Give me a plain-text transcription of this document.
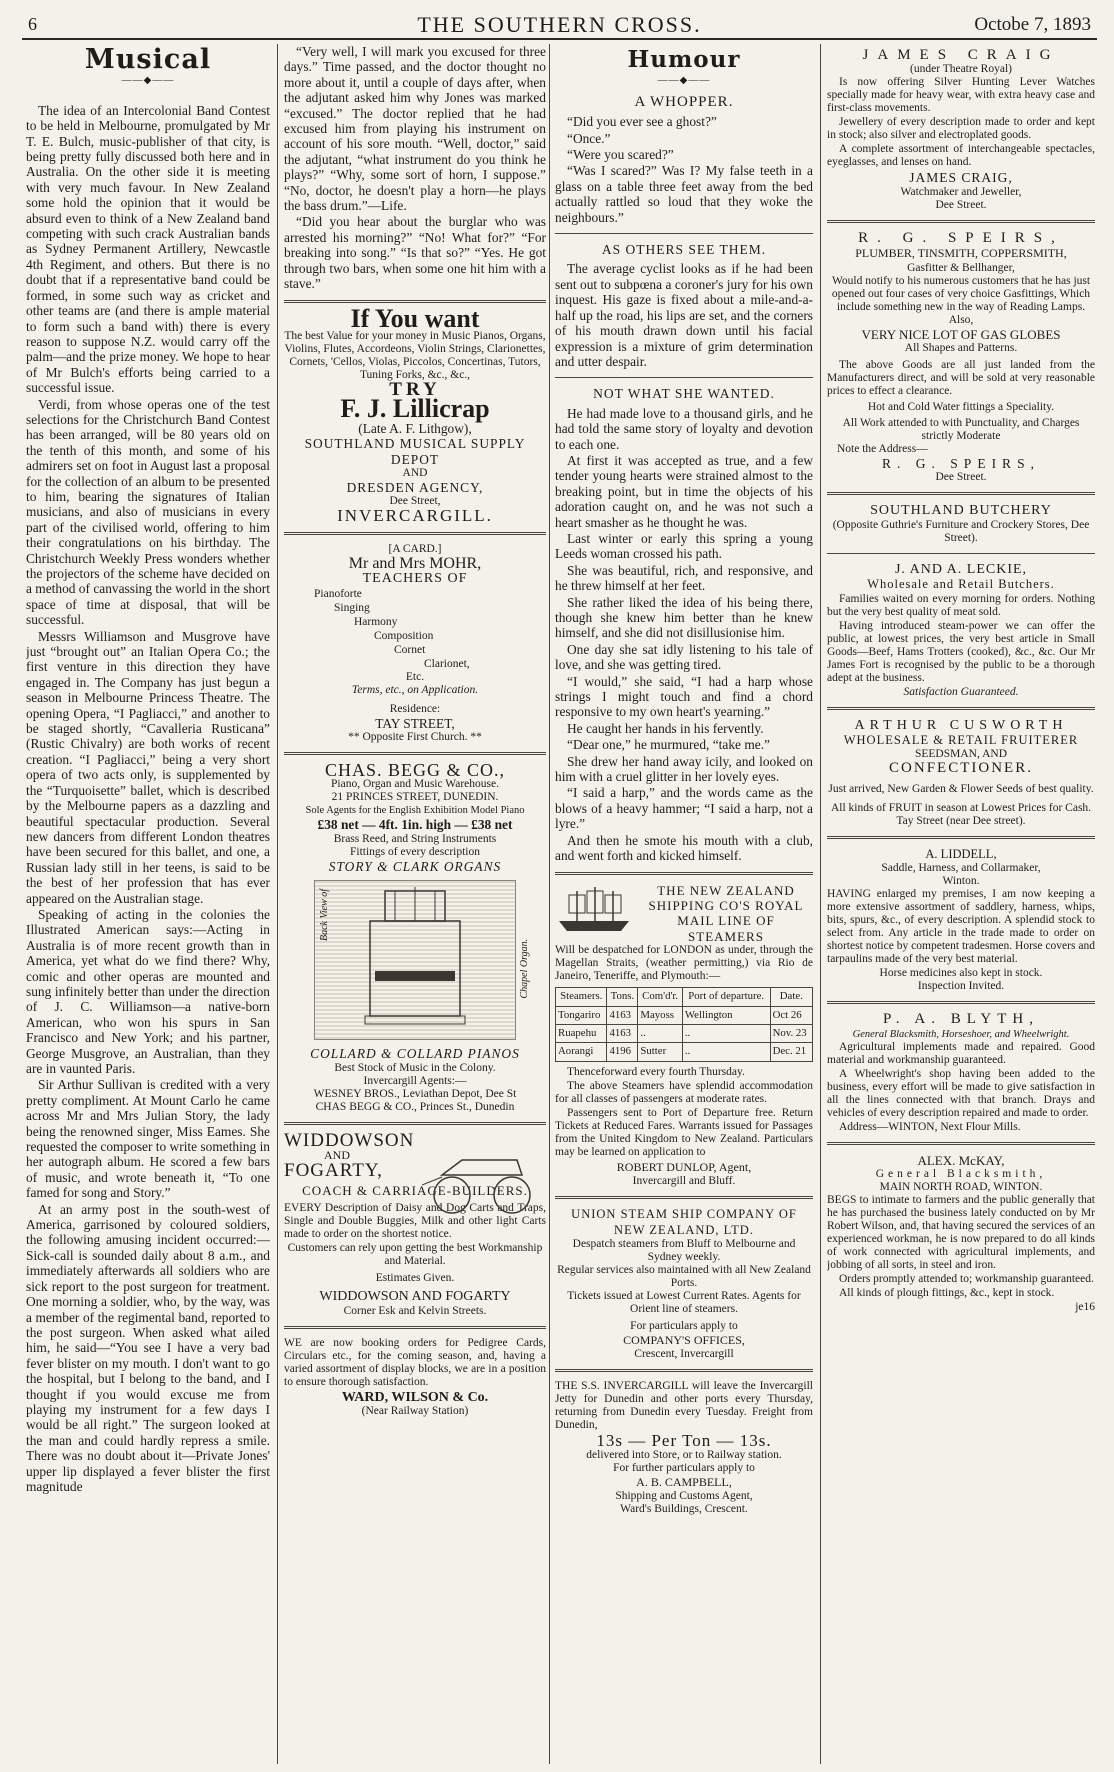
6	THE SOUTHERN CROSS.	Octobe 7, 1893
Musical
——◆——

The idea of an Intercolonial Band Contest to be held in Melbourne, promulgated by Mr T. E. Bulch, music-publisher of that city, is being pretty fully discussed both here and in Australia. On the other side it is meeting with very much favour. In New Zealand some hold the opinion that it would be absurd even to think of a New Zealand band competing with such crack Australian bands as Sydney Permanent Artillery, Newcastle 4th Regiment, and others. But there is no doubt that if a representative band could be formed, in some such way as cricket and other teams are (and there is ample material to form such a band with) there is every reason to suppose N.Z. would carry off the palm—and the prize money. We hope to hear of Mr Bulch's efforts being carried to a successful issue.

Verdi, from whose operas one of the test selections for the Christchurch Band Contest has been arranged, will be 80 years old on the tenth of this month, and some of his admirers set on foot in August last a proposal for the collection of an album to be presented to him, bearing the signatures of Italian musicians, and also of musicians in every part of the civilised world, offering to him their congratulations on his birthday. The Christchurch Weekly Press wonders whether the projectors of the scheme have decided on a method of canvassing the world in the short space of time at disposal, that will be successful.

Messrs Williamson and Musgrove have just “brought out” an Italian Opera Co.; the first venture in this direction they have engaged in. The Company has just begun a season in Melbourne Princess Theatre. The opening Opera, “I Pagliacci,” and another to be staged shortly, “Cavalleria Rusticana” (Rustic Chivalry) are both works of recent creation. “I Pagliacci,” being a very short opera of two acts only, is supplemented by the “Turquoisette” ballet, which is described by the Melbourne papers as a dazzling and beautiful spectacular production. Several new dancers from different London theatres have been secured for this ballet, and one, a Russian lady still in her teens, is said to be the best of her profession that has ever appeared on the Australian stage.

Speaking of acting in the colonies the Illustrated American says:—Acting in Australia is of more recent growth than in America, yet what do we find there? Why, comic and other operas are mounted and sung infinitely better than under the direction of J. C. Williamson—a native-born American, who won his spurs in San Francisco and New York; and his partner, George Musgrove, an Australian, than they are in vaunted Paris.

Sir Arthur Sullivan is credited with a very pretty compliment. At Mount Carlo he came across Mr and Mrs Julian Story, the lady being the renowned singer, Miss Eames. She requested the composer to write something in her autograph album. He scored a few bars of music, and wrote beneath it, “To one famed for song and Story.”

At an army post in the south-west of America, garrisoned by coloured soldiers, the following amusing incident occurred:—Sick-call is sounded daily about 8 a.m., and immediately afterwards all soldiers who are sick report to the post surgeon for treatment. One morning a soldier, who, by the way, was a member of the regimental band, reported to the post surgeon. When asked what ailed him, he said—“You see I have a very bad fever blister on my mouth. I don't want to go the hospital, but I belong to the band, and I thought if you would excuse me from playing my instrument for a few days I would be all right.” The surgeon looked at the man and could hardly repress a smile. There was no doubt about it—Private Jones' upper lip displayed a fever blister the first magnitude

“Very well, I will mark you excused for three days.” Time passed, and the doctor thought no more about it, until a couple of days after, when the adjutant asked him why Jones was marked “excused.” The doctor replied that he had excused him from playing his instrument on account of his sore mouth. “Well, doctor,” said the adjutant, “what instrument do you think he plays?” “Why, some sort of horn, I suppose.” “No, doctor, he doesn't play a horn—he plays the bass drum.”—Life.

“Did you hear about the burglar who was arrested his morning?” “No! What for?” “For breaking into song.” “Is that so?” “Yes. He got through two bars, when some one hit him with a stave.”

If You want
The best Value for your money in Music Pianos, Organs, Violins, Flutes, Accordeons, Violin Strings, Clarionettes, Cornets, 'Cellos, Violas, Piccolos, Concertinas, Tutors, Tuning Forks, &c., &c.,
TRY
F. J. Lillicrap
(Late A. F. Lithgow),
SOUTHLAND MUSICAL SUPPLY
DEPOT
AND
DRESDEN AGENCY,
Dee Street,
INVERCARGILL.
[A CARD.]
Mr and Mrs MOHR,
TEACHERS OF
Pianoforte
Singing
Harmony
Composition
Cornet
Clarionet,
Etc.
Terms, etc., on Application.
Residence:
TAY STREET,
** Opposite First Church. **
CHAS. BEGG & CO.,
Piano, Organ and Music Warehouse.
21 PRINCES STREET, DUNEDIN.
Sole Agents for the English Exhibition Model Piano
£38 net — 4ft. 1in. high — £38 net
Brass Reed, and String Instruments
Fittings of every description
STORY & CLARK ORGANS
Back View of
Chapel Organ.
COLLARD & COLLARD PIANOS
Best Stock of Music in the Colony.
Invercargill Agents:—
WESNEY BROS., Leviathan Depot, Dee St
CHAS BEGG & CO., Princes St., Dunedin
WIDDOWSON
AND
FOGARTY,
COACH & CARRIAGE-BUILDERS.

EVERY Description of Daisy and Dog Carts and Traps, Single and Double Buggies, Milk and other light Carts made to order on the shortest notice.

Customers can rely upon getting the best Workmanship and Material.
Estimates Given.
WIDDOWSON AND FOGARTY
Corner Esk and Kelvin Streets.

WE are now booking orders for Pedigree Cards, Circulars etc., for the coming season, and, having a varied assortment of display blocks, we are in a position to ensure thorough satisfaction.

WARD, WILSON & Co.
(Near Railway Station)
Humour
——◆——
A WHOPPER.

“Did you ever see a ghost?”

“Once.”

“Were you scared?”

“Was I scared?” Was I? My false teeth in a glass on a table three feet away from the bed actually rattled so loud that they woke the neighbours.”

AS OTHERS SEE THEM.

The average cyclist looks as if he had been sent out to subpœna a coroner's jury for his own inquest. His gaze is fixed about a mile-and-a-half up the road, his lips are set, and the corners of his mouth drawn down until his facial expression is a mixture of grim determination and utter despair.

NOT WHAT SHE WANTED.

He had made love to a thousand girls, and he had told the same story of loyalty and devotion to each one.

At first it was accepted as true, and a few tender young hearts were strained almost to the breaking point, but in time the objects of his adoration caught on, and he was not such a heart smasher as he thought he was.

Last winter or early this spring a young Leeds woman crossed his path.

She was beautiful, rich, and responsive, and he threw himself at her feet.

She rather liked the idea of his being there, though she knew him better than he knew himself, and she did not disillusionise him.

One day she sat idly listening to his tale of love, and she was getting tired.

“I would,” she said, “I had a harp whose strings I might touch and find a chord responsive to my own heart's yearning.”

He caught her hands in his fervently.

“Dear one,” he murmured, “take me.”

She drew her hand away icily, and looked on him with a cruel glitter in her lovely eyes.

“I said a harp,” and the words came as the blows of a heavy hammer; “I said a harp, not a lyre.”

And then he smote his mouth with a club, and went forth and kicked himself.

THE NEW ZEALAND SHIPPING CO'S ROYAL MAIL LINE OF STEAMERS

Will be despatched for LONDON as under, through the Magellan Straits, (weather permitting,) via Rio de Janeiro, Teneriffe, and Plymouth:—

Steamers.	Tons.	Com'd'r.	Port of departure.	Date.
Tongariro	4163	Mayoss	Wellington	Oct 26
Ruapehu	4163	..	..	Nov. 23
Aorangi	4196	Sutter	..	Dec. 21

Thenceforward every fourth Thursday.

The above Steamers have splendid accommodation for all classes of passengers at moderate rates.

Passengers sent to Port of Departure free. Return Tickets at Reduced Fares. Warrants issued for Passages from the United Kingdom to New Zealand. Particulars may be learned on application to

ROBERT DUNLOP, Agent,
Invercargill and Bluff.
UNION STEAM SHIP COMPANY OF NEW ZEALAND, LTD.
Despatch steamers from Bluff to Melbourne and Sydney weekly.
Regular services also maintained with all New Zealand Ports.
Tickets issued at Lowest Current Rates. Agents for Orient line of steamers.
For particulars apply to
COMPANY'S OFFICES,
Crescent, Invercargill

THE S.S. INVERCARGILL will leave the Invercargill Jetty for Dunedin and other ports every Thursday, returning from Dunedin every Tuesday. Freight from Dunedin,

13s — Per Ton — 13s.
delivered into Store, or to Railway station.
For further particulars apply to
A. B. CAMPBELL,
Shipping and Customs Agent,
Ward's Buildings, Crescent.
JAMES CRAIG
(under Theatre Royal)

Is now offering Silver Hunting Lever Watches specially made for heavy wear, with extra heavy case and first-class movements.

Jewellery of every description made to order and kept in stock; also silver and electroplated goods.

A complete assortment of interchangeable spectacles, eyeglasses, and lenses on hand.

JAMES CRAIG,
Watchmaker and Jeweller,
Dee Street.
R. G. SPEIRS,
PLUMBER, TINSMITH, COPPERSMITH,
Gasfitter & Bellhanger,
Would notify to his numerous customers that he has just opened out four cases of very choice Gasfittings, Which include something new in the way of Reading Lamps.
Also,
VERY NICE LOT OF GAS GLOBES
All Shapes and Patterns.

The above Goods are all just landed from the Manufacturers direct, and will be sold at very reasonable prices to effect a clearance.

Hot and Cold Water fittings a Speciality.
All Work attended to with Punctuality, and Charges strictly Moderate
Note the Address—
R. G. SPEIRS,
Dee Street.
SOUTHLAND BUTCHERY
(Opposite Guthrie's Furniture and Crockery Stores, Dee Street).
J. AND A. LECKIE,
Wholesale and Retail Butchers.

Families waited on every morning for orders. Nothing but the very best quality of meat sold.

Having introduced steam-power we can offer the public, at lowest prices, the very best article in Small Goods—Beef, Hams Trotters (cooked), &c., &c. Our Mr James Fort is recognised by the public to be a thorough adept at the business.

Satisfaction Guaranteed.
ARTHUR CUSWORTH
WHOLESALE & RETAIL FRUITERER
SEEDSMAN, AND
CONFECTIONER.
Just arrived, New Garden & Flower Seeds of best quality.
All kinds of FRUIT in season at Lowest Prices for Cash.
Tay Street (near Dee street).
A. LIDDELL,
Saddle, Harness, and Collarmaker,
Winton.

HAVING enlarged my premises, I am now keeping a more extensive assortment of saddlery, harness, whips, bits, spurs, &c., of every description. A splendid stock to select from. Any article in the trade made to order on shortest notice by competent tradesmen. Horse covers and tarpaulins made of the very best material.

Horse medicines also kept in stock.
Inspection Invited.
P. A. BLYTH,
General Blacksmith, Horseshoer, and Wheelwright.

Agricultural implements made and repaired. Good material and workmanship guaranteed.

A Wheelwright's shop having been added to the business, every effort will be made to give satisfaction in all the lines connected with that branch. Drays and vehicles of every description repaired and made to order.

Address—WINTON, Next Flour Mills.

ALEX. McKAY,
General Blacksmith,
MAIN NORTH ROAD, WINTON.

BEGS to intimate to farmers and the public generally that he has purchased the business lately conducted on by Mr Robert Wilson, and, that having secured the services of an experienced workman, he is now prepared to do all kinds of work connected with agricultural implements, and jobbing of all sorts, in steel and iron.

Orders promptly attended to; workmanship guaranteed.

All kinds of plough fittings, &c., kept in stock.

je16
